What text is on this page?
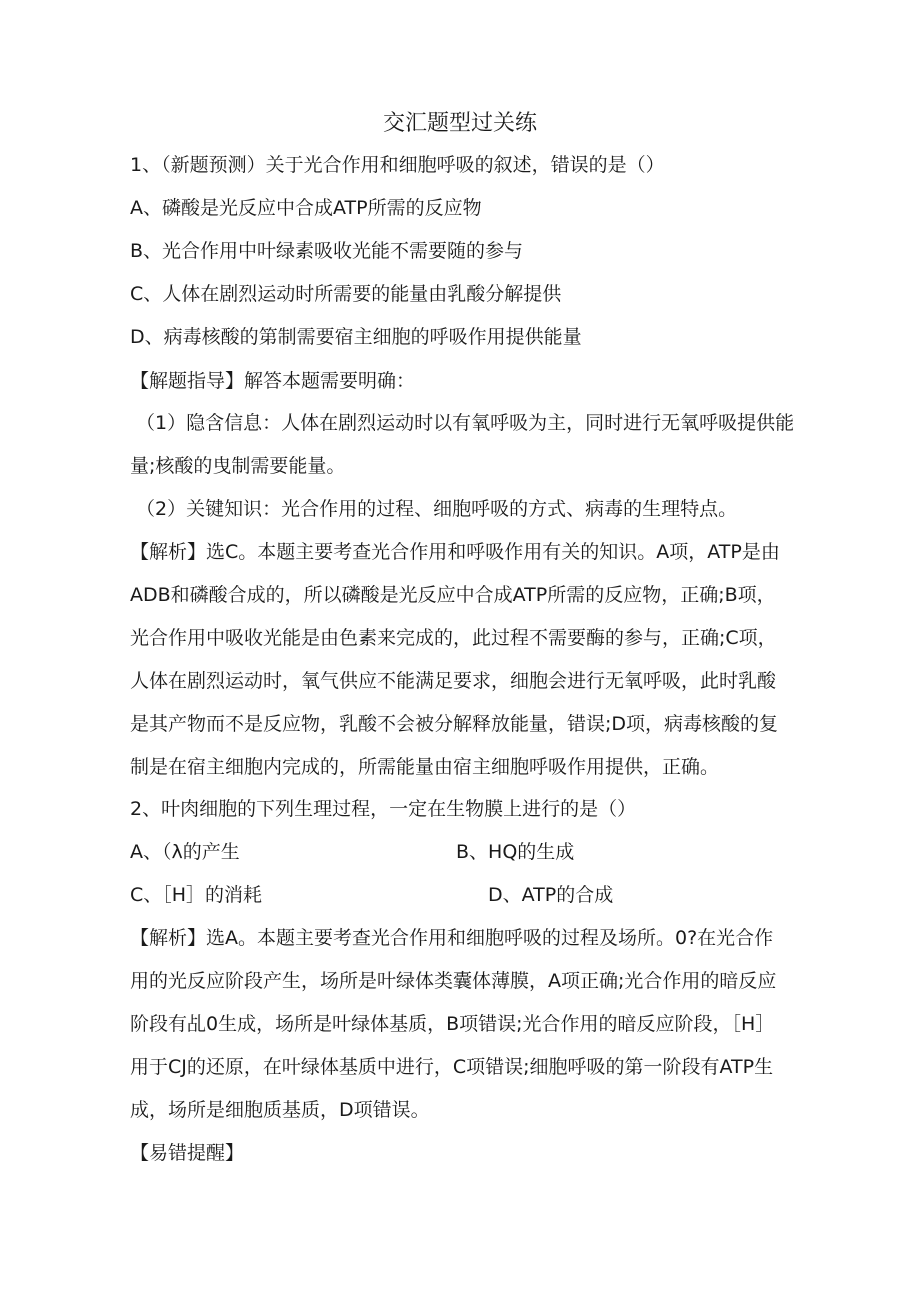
交汇题型过关练
1、（新题预测）关于光合作用和细胞呼吸的叙述，错误的是（）
A、磷酸是光反应中合成ATP所需的反应物
B、光合作用中叶绿素吸收光能不需要随的参与
C、人体在剧烈运动时所需要的能量由乳酸分解提供
D、病毒核酸的第制需要宿主细胞的呼吸作用提供能量
【解题指导】解答本题需要明确：
（1）隐含信息：人体在剧烈运动时以有氧呼吸为主，同时进行无氧呼吸提供能
量;核酸的曳制需要能量。
（2）关键知识：光合作用的过程、细胞呼吸的方式、病毒的生理特点。
【解析】选C。本题主要考查光合作用和呼吸作用有关的知识。A项，ATP是由
ADB和磷酸合成的，所以磷酸是光反应中合成ATP所需的反应物，正确;B项，
光合作用中吸收光能是由色素来完成的，此过程不需要酶的参与，正确;C项，
人体在剧烈运动时，氧气供应不能满足要求，细胞会进行无氧呼吸，此时乳酸
是其产物而不是反应物，乳酸不会被分解释放能量，错误;D项，病毒核酸的复
制是在宿主细胞内完成的，所需能量由宿主细胞呼吸作用提供，正确。
2、叶肉细胞的下列生理过程，一定在生物膜上进行的是（）
A、（λ的产生	B、HQ的生成
C、［H］的消耗	D、ATP的合成
【解析】选A。本题主要考查光合作用和细胞呼吸的过程及场所。0?在光合作
用的光反应阶段产生，场所是叶绿体类囊体薄膜，A项正确;光合作用的暗反应
阶段有乩0生成，场所是叶绿体基质，B项错误;光合作用的暗反应阶段，［H］
用于CJ的还原，在叶绿体基质中进行，C项错误;细胞呼吸的第一阶段有ATP生
成，场所是细胞质基质，D项错误。
【易错提醒】
